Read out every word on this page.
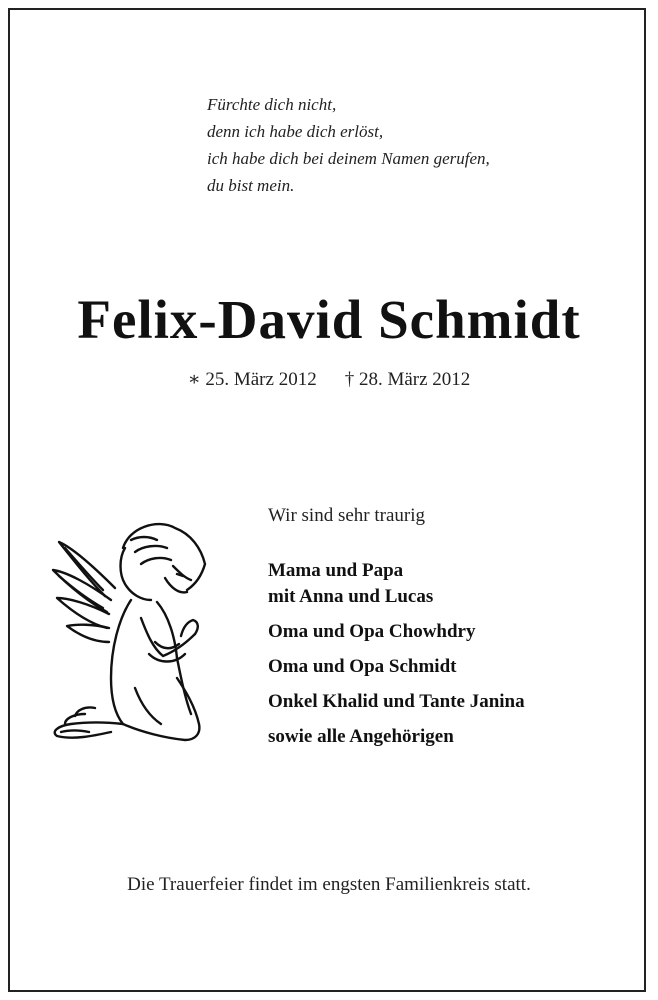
Fürchte dich nicht,
denn ich habe dich erlöst,
ich habe dich bei deinem Namen gerufen,
du bist mein.
Felix-David Schmidt
∗ 25. März 2012 † 28. März 2012
Wir sind sehr traurig
Mama und Papa
mit Anna und Lucas
Oma und Opa Chowhdry
Oma und Opa Schmidt
Onkel Khalid und Tante Janina
sowie alle Angehörigen
Die Trauerfeier findet im engsten Familienkreis statt.
